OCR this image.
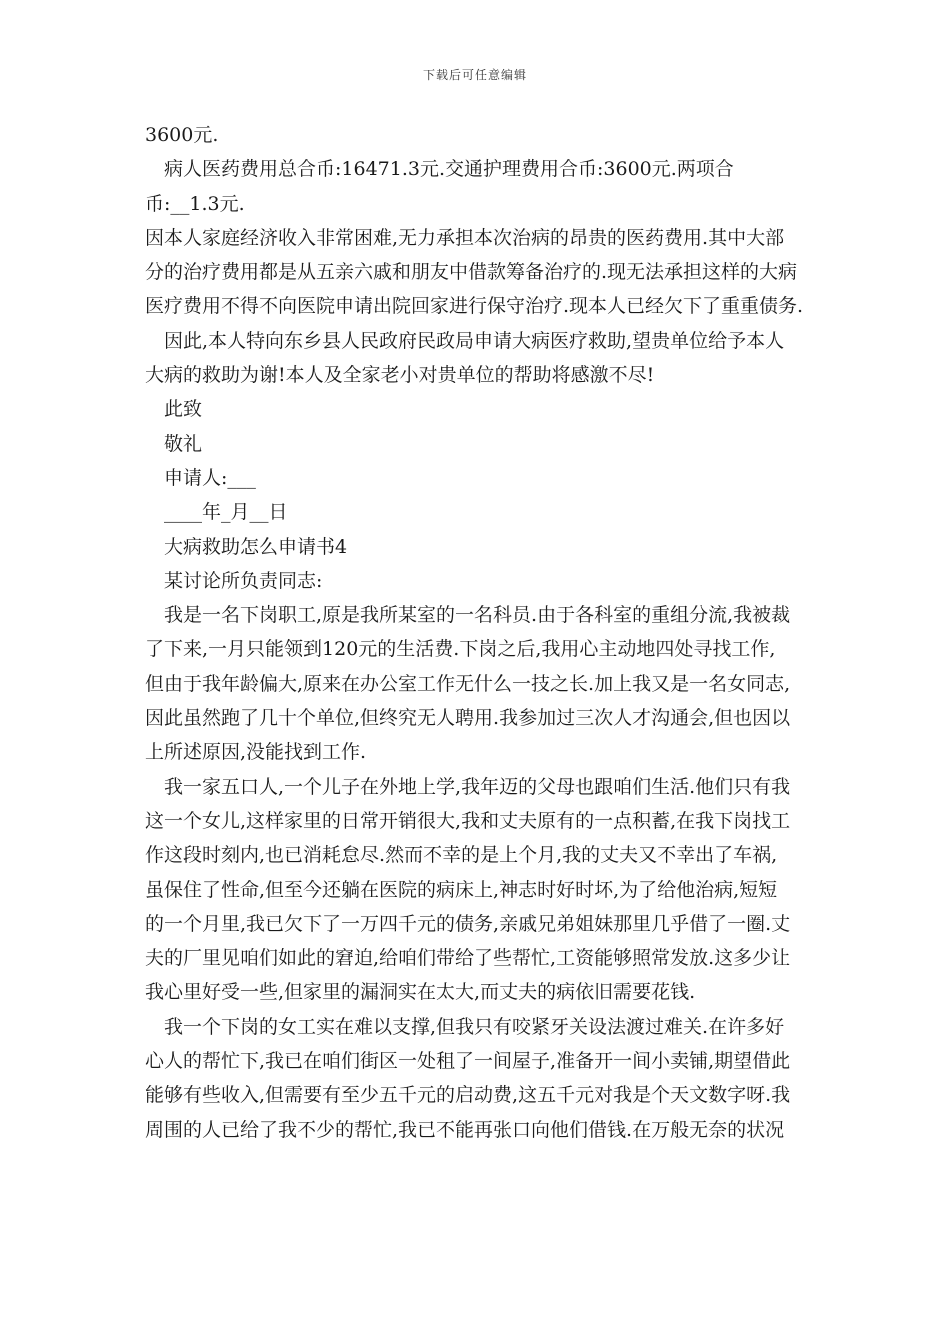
下载后可任意编辑
3600元.
病人医药费用总合币:16471.3元.交通护理费用合币:3600元.两项合
币:__1.3元.
因本人家庭经济收入非常困难,无力承担本次治病的昂贵的医药费用.其中大部
分的治疗费用都是从五亲六戚和朋友中借款筹备治疗的.现无法承担这样的大病
医疗费用不得不向医院申请出院回家进行保守治疗.现本人已经欠下了重重债务.
因此,本人特向东乡县人民政府民政局申请大病医疗救助,望贵单位给予本人
大病的救助为谢!本人及全家老小对贵单位的帮助将感激不尽!
此致
敬礼
申请人:___
____年_月__日
大病救助怎么申请书4
某讨论所负责同志:
我是一名下岗职工,原是我所某室的一名科员.由于各科室的重组分流,我被裁
了下来,一月只能领到120元的生活费.下岗之后,我用心主动地四处寻找工作,
但由于我年龄偏大,原来在办公室工作无什么一技之长.加上我又是一名女同志,
因此虽然跑了几十个单位,但终究无人聘用.我参加过三次人才沟通会,但也因以
上所述原因,没能找到工作.
我一家五口人,一个儿子在外地上学,我年迈的父母也跟咱们生活.他们只有我
这一个女儿,这样家里的日常开销很大,我和丈夫原有的一点积蓄,在我下岗找工
作这段时刻内,也已消耗怠尽.然而不幸的是上个月,我的丈夫又不幸出了车祸,
虽保住了性命,但至今还躺在医院的病床上,神志时好时坏,为了给他治病,短短
的一个月里,我已欠下了一万四千元的债务,亲戚兄弟姐妹那里几乎借了一圈.丈
夫的厂里见咱们如此的窘迫,给咱们带给了些帮忙,工资能够照常发放.这多少让
我心里好受一些,但家里的漏洞实在太大,而丈夫的病依旧需要花钱.
我一个下岗的女工实在难以支撑,但我只有咬紧牙关设法渡过难关.在许多好
心人的帮忙下,我已在咱们街区一处租了一间屋子,准备开一间小卖铺,期望借此
能够有些收入,但需要有至少五千元的启动费,这五千元对我是个天文数字呀.我
周围的人已给了我不少的帮忙,我已不能再张口向他们借钱.在万般无奈的状况
